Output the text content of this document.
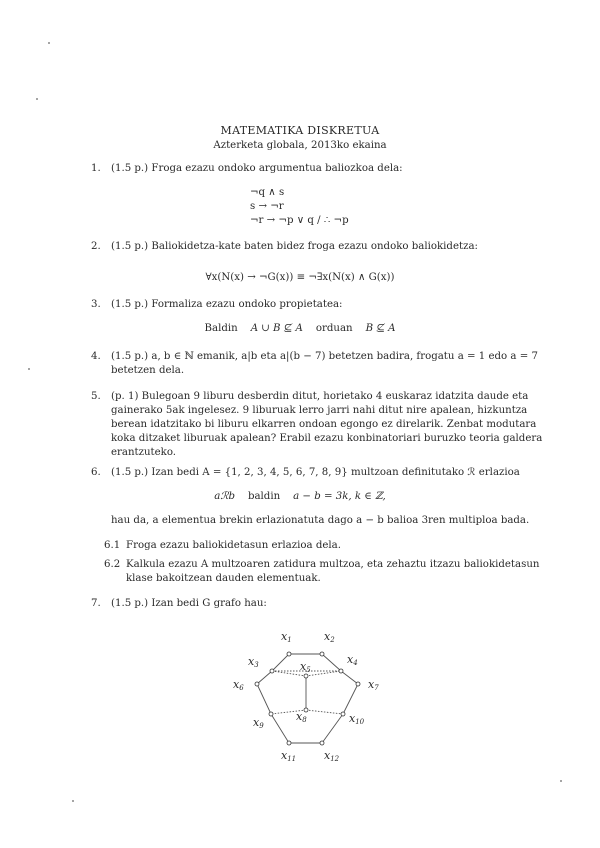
MATEMATIKA DISKRETUA
Azterketa globala, 2013ko ekaina
1. (1.5 p.) Froga ezazu ondoko argumentua baliozkoa dela:
¬q ∧ s
s → ¬r
¬r → ¬p ∨ q / ∴ ¬p
2. (1.5 p.) Baliokidetza-kate baten bidez froga ezazu ondoko baliokidetza:
∀x(N(x) → ¬G(x)) ≡ ¬∃x(N(x) ∧ G(x))
3. (1.5 p.) Formaliza ezazu ondoko propietatea:
Baldin A ∪ B ⊈ A orduan B ⊈ A
4. (1.5 p.) a, b ∈ ℕ emanik, a|b eta a|(b − 7) betetzen badira, frogatu a = 1 edo a = 7 betetzen dela.
5. (p. 1) Bulegoan 9 liburu desberdin ditut, horietako 4 euskaraz idatzita daude eta gainerako 5ak ingelesez. 9 liburuak lerro jarri nahi ditut nire apalean, hizkuntza berean idatzitako bi liburu elkarren ondoan egongo ez direlarik. Zenbat modutara koka ditzaket liburuak apalean? Erabil ezazu konbinatoriari buruzko teoria galdera erantzuteko.
6. (1.5 p.) Izan bedi A = {1, 2, 3, 4, 5, 6, 7, 8, 9} multzoan definitutako ℛ erlazioa
aℛb baldin a − b = 3k, k ∈ ℤ,
hau da, a elementua brekin erlazionatuta dago a − b balioa 3ren multiploa bada.
6.1 Froga ezazu baliokidetasun erlazioa dela.
6.2 Kalkula ezazu A multzoaren zatidura multzoa, eta zehaztu itzazu baliokidetasun klase bakoitzean dauden elementuak.
7. (1.5 p.) Izan bedi G grafo hau:
x1	x2
x3	x4
x5
x6	x7
x8
x9
x10
x11	x12
